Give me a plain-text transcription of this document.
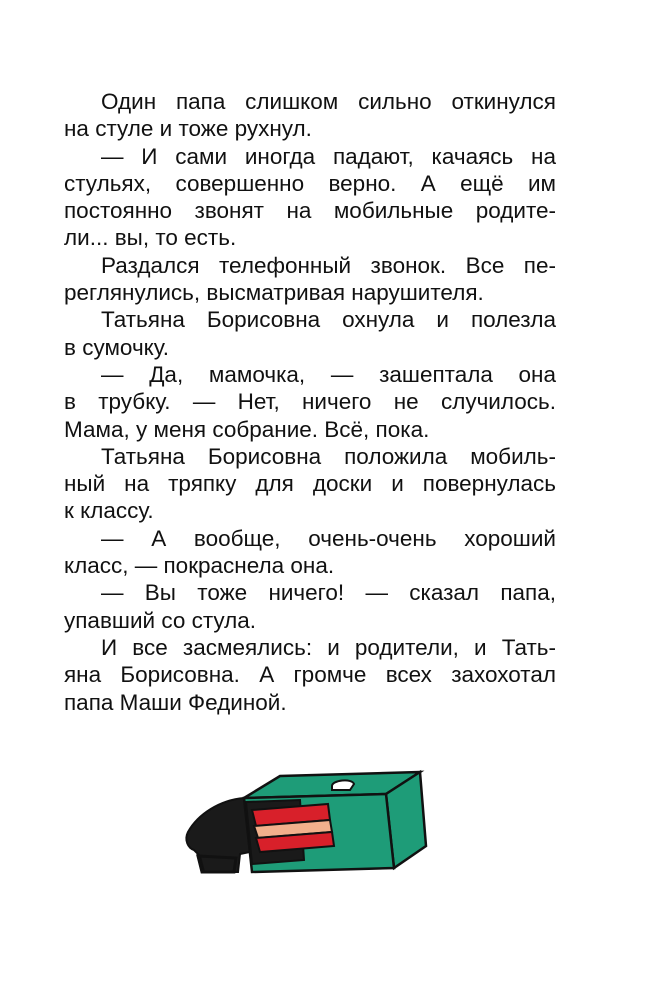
Один папа слишком сильно откинулся
на стуле и тоже рухнул.
— И сами иногда падают, качаясь на
стульях, совершенно верно. А ещё им
постоянно звонят на мобильные родите-
ли... вы, то есть.
Раздался телефонный звонок. Все пе-
реглянулись, высматривая нарушителя.
Татьяна Борисовна охнула и полезла
в сумочку.
— Да, мамочка, — зашептала она
в трубку. — Нет, ничего не случилось.
Мама, у меня собрание. Всё, пока.
Татьяна Борисовна положила мобиль-
ный на тряпку для доски и повернулась
к классу.
— А вообще, очень-очень хороший
класс, — покраснела она.
— Вы тоже ничего! — сказал папа,
упавший со стула.
И все засмеялись: и родители, и Тать-
яна Борисовна. А громче всех захохотал
папа Маши Фединой.
